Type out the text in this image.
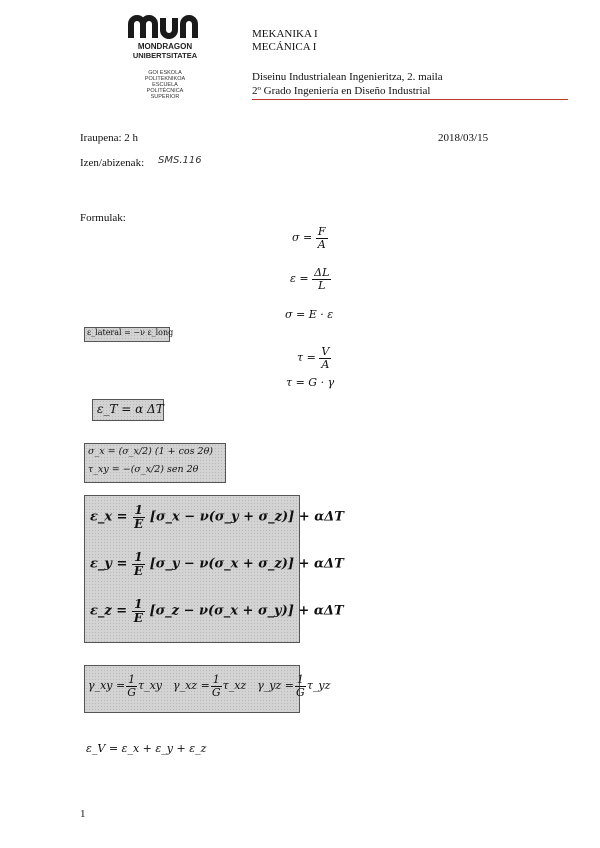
MONDRAGON
UNIBERTSITATEA
GOI ESKOLA
POLITEKNIKOA
ESCUELA
POLITÉCNICA
SUPERIOR
MEKANIKA I
MECÁNICA I
Diseinu Industrialean Ingenieritza, 2. maila
2º Grado Ingeniería en Diseño Industrial
Iraupena: 2 h	2018/03/15
Izen/abizenak: SMS.116
Formulak:
$\sigma = \frac{F}{A}$
$\varepsilon = \frac{\Delta L}{L}$
σ = E · ε
ε_lateral = −ν ε_long
$\tau = \frac{V}{A}$
τ = G · γ
ε_T = α ΔT
σ_x = (σ_x/2) (1 + cos 2θ)
τ_xy = −(σ_x/2) sen 2θ
ε_x = $\frac{1}{E}$ [σ_x − ν(σ_y + σ_z)] + αΔT
ε_y = $\frac{1}{E}$ [σ_y − ν(σ_x + σ_z)] + αΔT
ε_z = $\frac{1}{E}$ [σ_z − ν(σ_x + σ_y)] + αΔT
γ_xy = $\frac{1}{G}$ τ_xy γ_xz = $\frac{1}{G}$ τ_xz γ_yz = $\frac{1}{G}$ τ_yz
ε_V = ε_x + ε_y + ε_z
1
